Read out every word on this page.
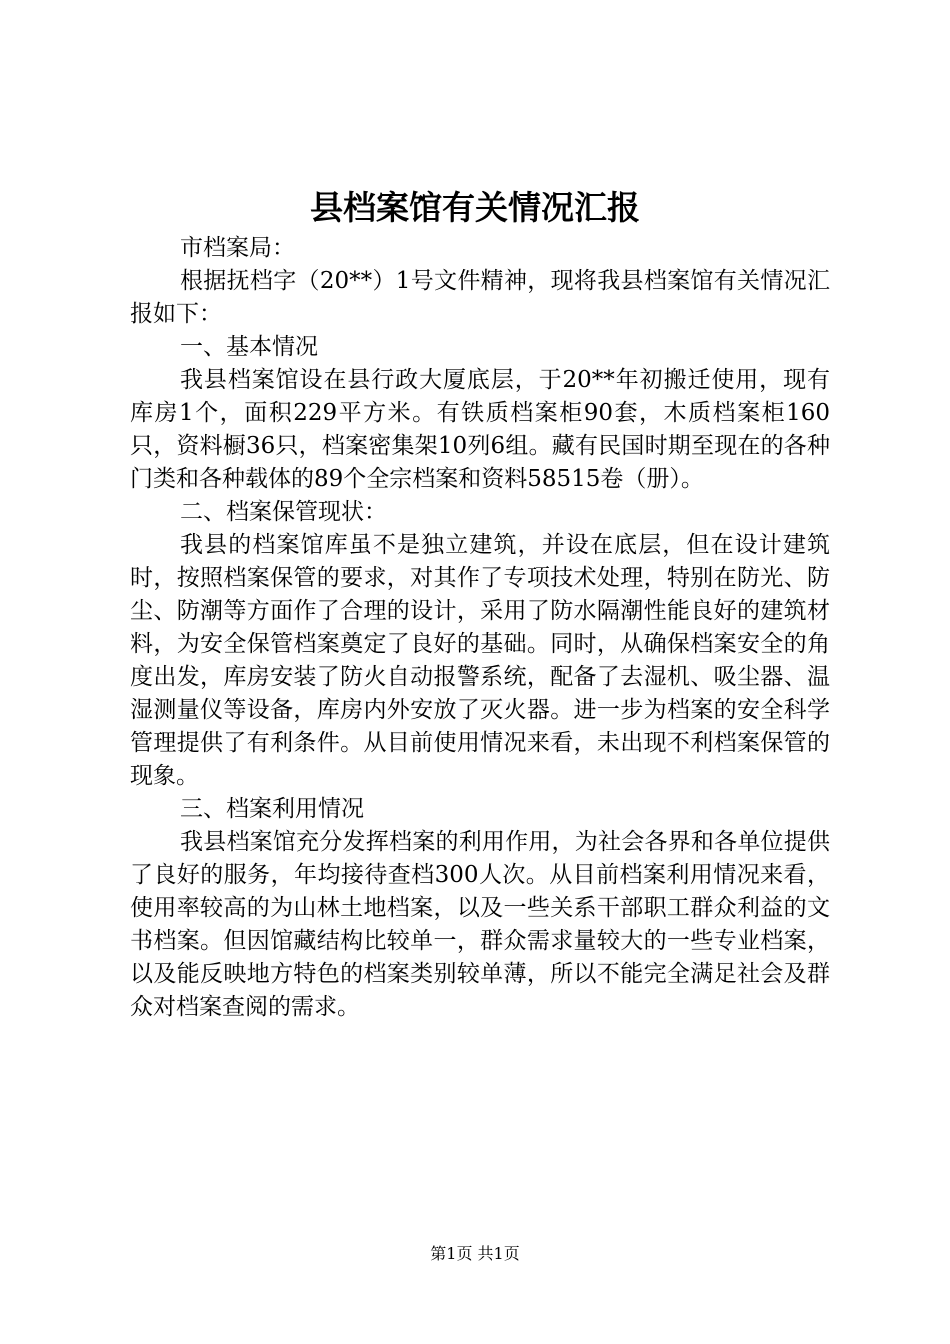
县档案馆有关情况汇报

市档案局：

根据抚档字（20**）1号文件精神，现将我县档案馆有关情况汇报如下：

一、基本情况

我县档案馆设在县行政大厦底层，于20**年初搬迁使用，现有库房1个，面积229平方米。有铁质档案柜90套，木质档案柜160只，资料橱36只，档案密集架10列6组。藏有民国时期至现在的各种门类和各种载体的89个全宗档案和资料58515卷（册）。

二、档案保管现状：

我县的档案馆库虽不是独立建筑，并设在底层，但在设计建筑时，按照档案保管的要求，对其作了专项技术处理，特别在防光、防尘、防潮等方面作了合理的设计，采用了防水隔潮性能良好的建筑材料，为安全保管档案奠定了良好的基础。同时，从确保档案安全的角度出发，库房安装了防火自动报警系统，配备了去湿机、吸尘器、温湿测量仪等设备，库房内外安放了灭火器。进一步为档案的安全科学管理提供了有利条件。从目前使用情况来看，未出现不利档案保管的现象。

三、档案利用情况

我县档案馆充分发挥档案的利用作用，为社会各界和各单位提供了良好的服务，年均接待查档300人次。从目前档案利用情况来看，使用率较高的为山林土地档案，以及一些关系干部职工群众利益的文书档案。但因馆藏结构比较单一，群众需求量较大的一些专业档案，以及能反映地方特色的档案类别较单薄，所以不能完全满足社会及群众对档案查阅的需求。

第1页 共1页
